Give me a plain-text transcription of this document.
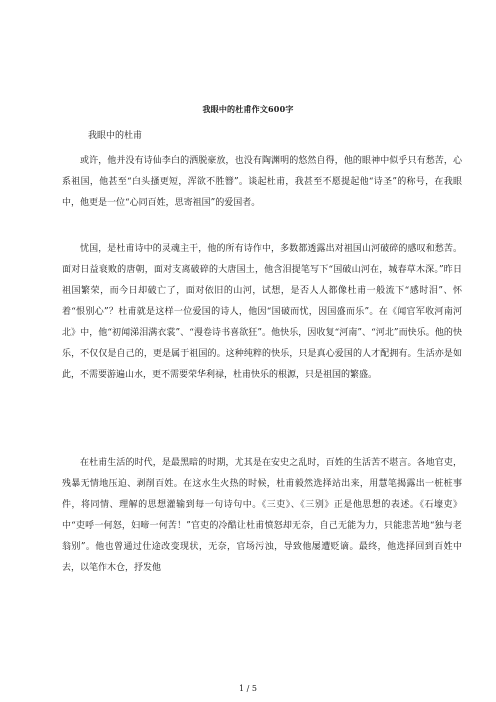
我眼中的杜甫作文600字
我眼中的杜甫

或许，他并没有诗仙李白的洒脱豪放，也没有陶渊明的悠然自得，他的眼神中似乎只有愁苦，心系祖国，他甚至“白头搔更短，浑欲不胜簪”。谈起杜甫，我甚至不愿提起他“诗圣”的称号，在我眼中，他更是一位“心同百姓，思寄祖国”的爱国者。

忧国，是杜甫诗中的灵魂主干，他的所有诗作中，多数都透露出对祖国山河破碎的感叹和愁苦。面对日益衰败的唐朝，面对支离破碎的大唐国土，他含泪提笔写下“国破山河在，城春草木深。”昨日祖国繁荣，而今日却破亡了，面对依旧的山河，试想，是否人人都像杜甫一般流下“感时泪”、怀着“恨别心”？杜甫就是这样一位爱国的诗人，他因“国破而忧，因国盛而乐”。在《闻官军收河南河北》中，他“初闻涕泪满衣裳”、“漫卷诗书喜欲狂”。他快乐，因收复“河南”、“河北”而快乐。他的快乐，不仅仅是自己的，更是属于祖国的。这种纯粹的快乐，只是真心爱国的人才配拥有。生活亦是如此，不需要游遍山水，更不需要荣华利禄，杜甫快乐的根源，只是祖国的繁盛。

在杜甫生活的时代，是最黑暗的时期，尤其是在安史之乱时，百姓的生活苦不堪言。各地官吏，残暴无情地压迫、剥削百姓。在这水生火热的时候，杜甫毅然选择站出来，用慧笔揭露出一桩桩事件，将同情、理解的思想灌输到每一句诗句中。《三吏》、《三别》正是他思想的表述。《石壕吏》中“吏呼一何怒，妇啼一何苦！”官吏的冷酷让杜甫愤怒却无奈，自己无能为力，只能悲苦地“独与老翁别”。他也曾通过仕途改变现状，无奈，官场污浊，导致他屡遭贬谪。最终，他选择回到百姓中去，以笔作木仓，抒发他

1 / 5
